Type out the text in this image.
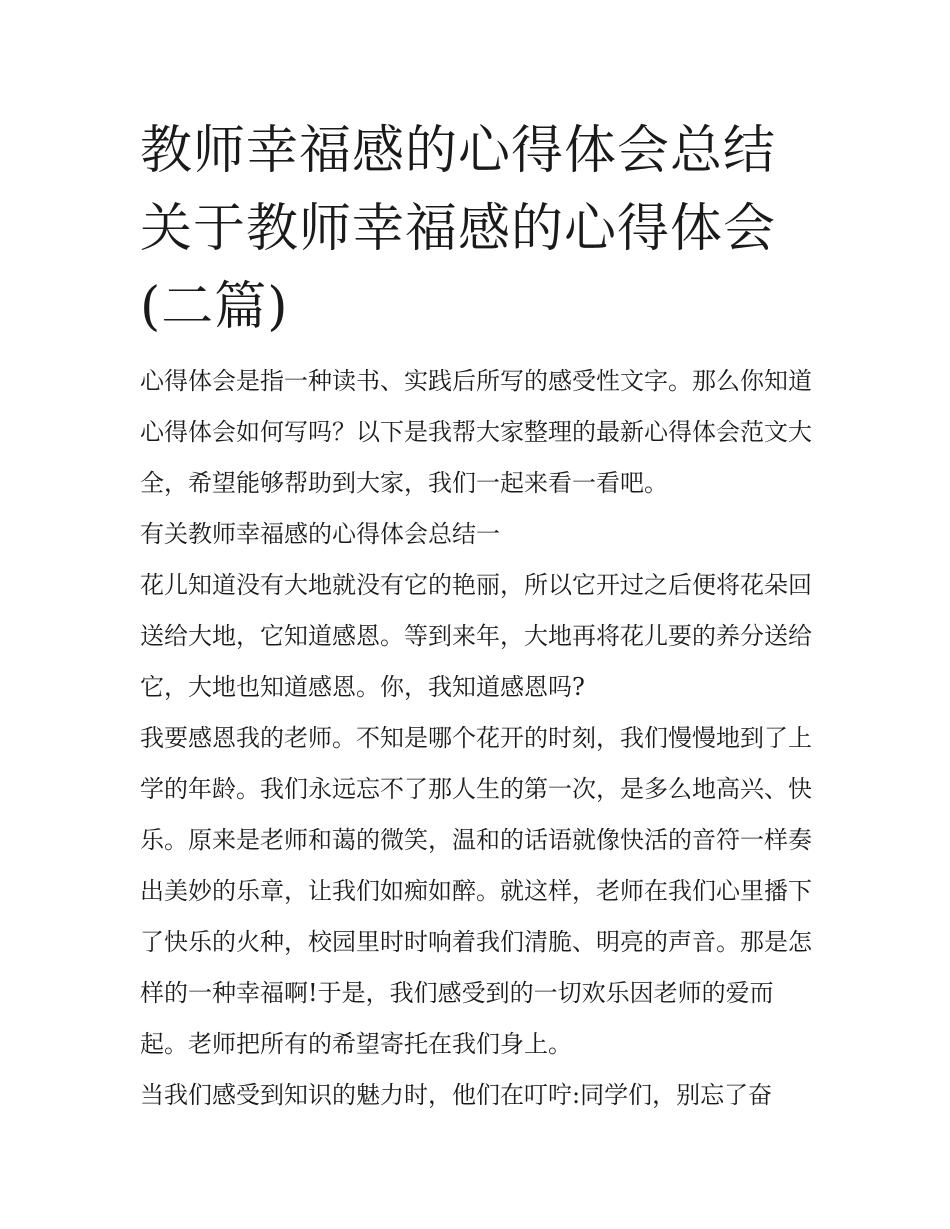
教师幸福感的心得体会总结 关于教师幸福感的心得体会(二篇)

心得体会是指一种读书、实践后所写的感受性文字。那么你知道心得体会如何写吗？以下是我帮大家整理的最新心得体会范文大全，希望能够帮助到大家，我们一起来看一看吧。

有关教师幸福感的心得体会总结一

花儿知道没有大地就没有它的艳丽，所以它开过之后便将花朵回送给大地，它知道感恩。等到来年，大地再将花儿要的养分送给它，大地也知道感恩。你，我知道感恩吗?

我要感恩我的老师。不知是哪个花开的时刻，我们慢慢地到了上学的年龄。我们永远忘不了那人生的第一次，是多么地高兴、快乐。原来是老师和蔼的微笑，温和的话语就像快活的音符一样奏出美妙的乐章，让我们如痴如醉。就这样，老师在我们心里播下了快乐的火种，校园里时时响着我们清脆、明亮的声音。那是怎样的一种幸福啊!于是，我们感受到的一切欢乐因老师的爱而起。老师把所有的希望寄托在我们身上。

当我们感受到知识的魅力时，他们在叮咛:同学们，别忘了奋
